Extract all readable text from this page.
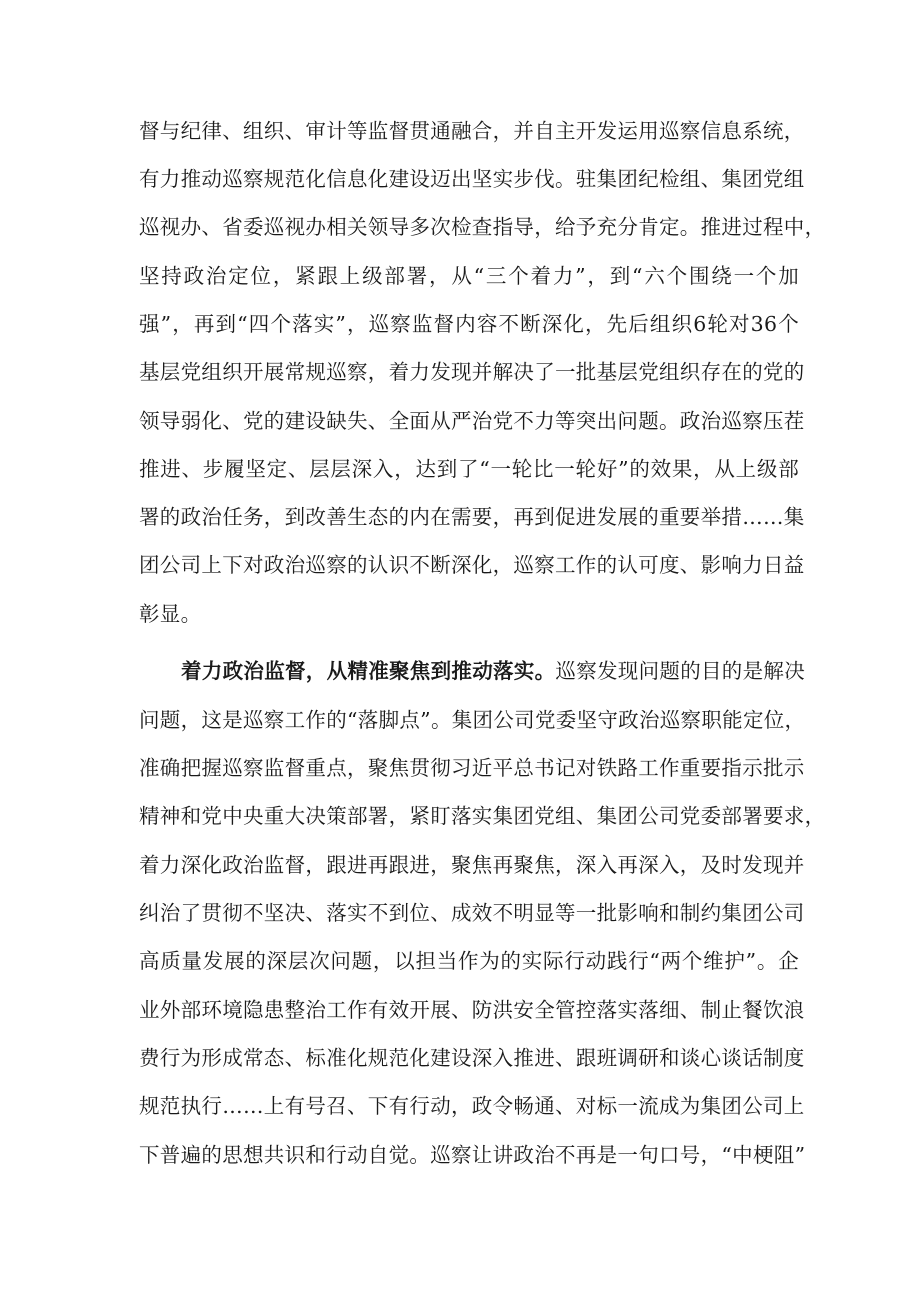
督与纪律、组织、审计等监督贯通融合，并自主开发运用巡察信息系统，
有力推动巡察规范化信息化建设迈出坚实步伐。驻集团纪检组、集团党组
巡视办、省委巡视办相关领导多次检查指导，给予充分肯定。推进过程中，
坚持政治定位，紧跟上级部署，从“三个着力”，到“六个围绕一个加
强”，再到“四个落实”，巡察监督内容不断深化，先后组织6轮对36个
基层党组织开展常规巡察，着力发现并解决了一批基层党组织存在的党的
领导弱化、党的建设缺失、全面从严治党不力等突出问题。政治巡察压茬
推进、步履坚定、层层深入，达到了“一轮比一轮好”的效果，从上级部
署的政治任务，到改善生态的内在需要，再到促进发展的重要举措……集
团公司上下对政治巡察的认识不断深化，巡察工作的认可度、影响力日益
彰显。
着力政治监督，从精准聚焦到推动落实。巡察发现问题的目的是解决
问题，这是巡察工作的“落脚点”。集团公司党委坚守政治巡察职能定位，
准确把握巡察监督重点，聚焦贯彻习近平总书记对铁路工作重要指示批示
精神和党中央重大决策部署，紧盯落实集团党组、集团公司党委部署要求，
着力深化政治监督，跟进再跟进，聚焦再聚焦，深入再深入，及时发现并
纠治了贯彻不坚决、落实不到位、成效不明显等一批影响和制约集团公司
高质量发展的深层次问题，以担当作为的实际行动践行“两个维护”。企
业外部环境隐患整治工作有效开展、防洪安全管控落实落细、制止餐饮浪
费行为形成常态、标准化规范化建设深入推进、跟班调研和谈心谈话制度
规范执行……上有号召、下有行动，政令畅通、对标一流成为集团公司上
下普遍的思想共识和行动自觉。巡察让讲政治不再是一句口号，“中梗阻”
